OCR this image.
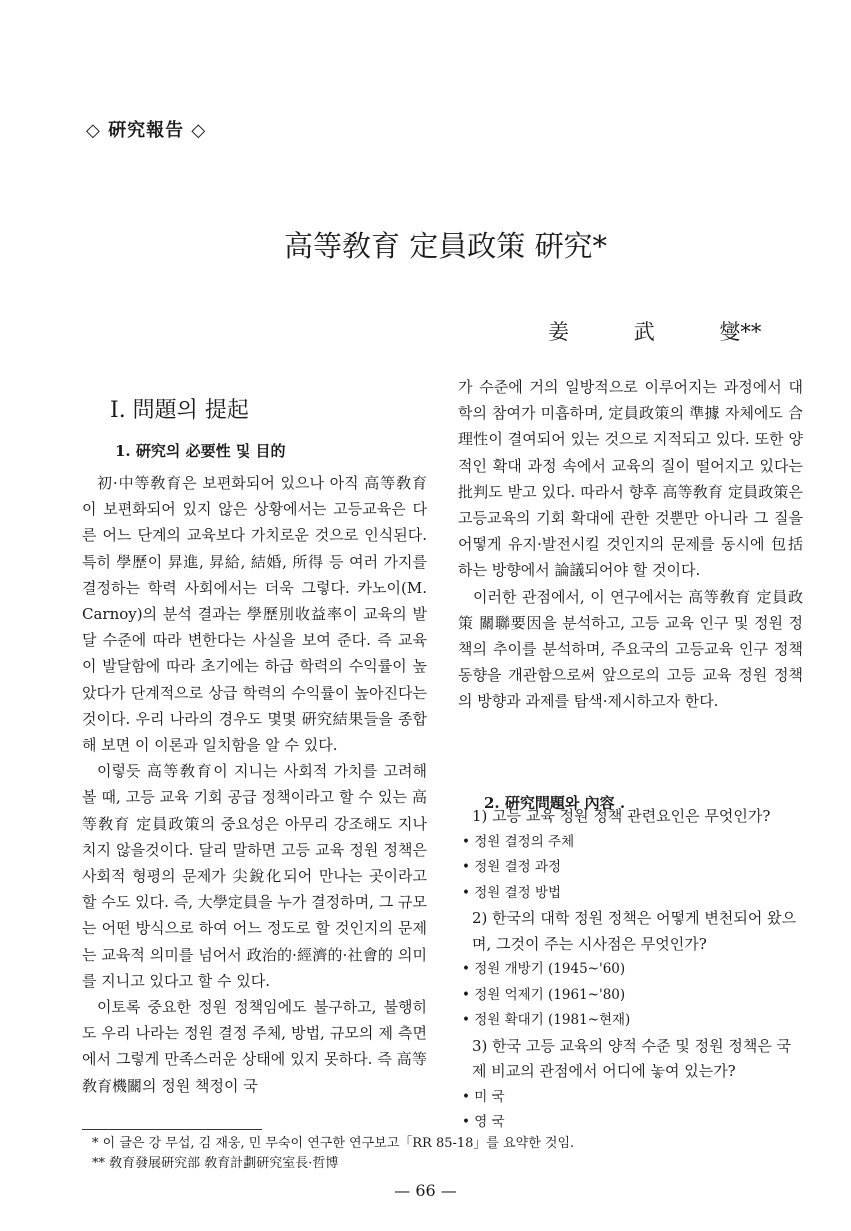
◇ 硏究報告 ◇
高等敎育 定員政策 硏究*
姜	武	燮**
Ⅰ. 問題의 提起
1. 硏究의 必要性 및 目的

初·中等敎育은 보편화되어 있으나 아직 高等敎育이 보편화되어 있지 않은 상황에서는 고등교육은 다른 어느 단계의 교육보다 가치로운 것으로 인식된다. 특히 學歷이 昇進, 昇給, 結婚, 所得 등 여러 가지를 결정하는 학력 사회에서는 더욱 그렇다. 카노이(M. Carnoy)의 분석 결과는 學歷別收益率이 교육의 발달 수준에 따라 변한다는 사실을 보여 준다. 즉 교육이 발달함에 따라 초기에는 하급 학력의 수익률이 높았다가 단계적으로 상급 학력의 수익률이 높아진다는 것이다. 우리 나라의 경우도 몇몇 硏究結果들을 종합해 보면 이 이론과 일치함을 알 수 있다.

이렇듯 高等敎育이 지니는 사회적 가치를 고려해 볼 때, 고등 교육 기회 공급 정책이라고 할 수 있는 高等敎育 定員政策의 중요성은 아무리 강조해도 지나치지 않을것이다. 달리 말하면 고등 교육 정원 정책은 사회적 형평의 문제가 尖銳化되어 만나는 곳이라고 할 수도 있다. 즉, 大學定員을 누가 결정하며, 그 규모는 어떤 방식으로 하여 어느 정도로 할 것인지의 문제는 교육적 의미를 넘어서 政治的·經濟的·社會的 의미를 지니고 있다고 할 수 있다.

이토록 중요한 정원 정책임에도 불구하고, 불행히도 우리 나라는 정원 결정 주체, 방법, 규모의 제 측면에서 그렇게 만족스러운 상태에 있지 못하다. 즉 高等敎育機關의 정원 책정이 국

가 수준에 거의 일방적으로 이루어지는 과정에서 대학의 참여가 미흡하며, 定員政策의 準據 자체에도 合理性이 결여되어 있는 것으로 지적되고 있다. 또한 양적인 확대 과정 속에서 교육의 질이 떨어지고 있다는 批判도 받고 있다. 따라서 향후 高等敎育 定員政策은 고등교육의 기회 확대에 관한 것뿐만 아니라 그 질을 어떻게 유지·발전시킬 것인지의 문제를 동시에 包括하는 방향에서 論議되어야 할 것이다.

이러한 관점에서, 이 연구에서는 高等敎育 定員政策 關聯要因을 분석하고, 고등 교육 인구 및 정원 정책의 추이를 분석하며, 주요국의 고등교육 인구 정책 동향을 개관함으로써 앞으로의 고등 교육 정원 정책의 방향과 과제를 탐색·제시하고자 한다.

2. 硏究問題와 內容 .
1) 고등 교육 정원 정책 관련요인은 무엇인가?
• 정원 결정의 주체
• 정원 결정 과정
• 정원 결정 방법
2) 한국의 대학 정원 정책은 어떻게 변천되어 왔으며, 그것이 주는 시사점은 무엇인가?
• 정원 개방기 (1945~'60)
• 정원 억제기 (1961~'80)
• 정원 확대기 (1981~현재)
3) 한국 고등 교육의 양적 수준 및 정원 정책은 국제 비교의 관점에서 어디에 놓여 있는가?
• 미 국
• 영 국
* 이 글은 강 무섭, 김 재웅, 민 무숙이 연구한 연구보고「RR 85-18」를 요약한 것임.
** 敎育發展硏究部 敎育計劃硏究室長·哲博
— 66 —
